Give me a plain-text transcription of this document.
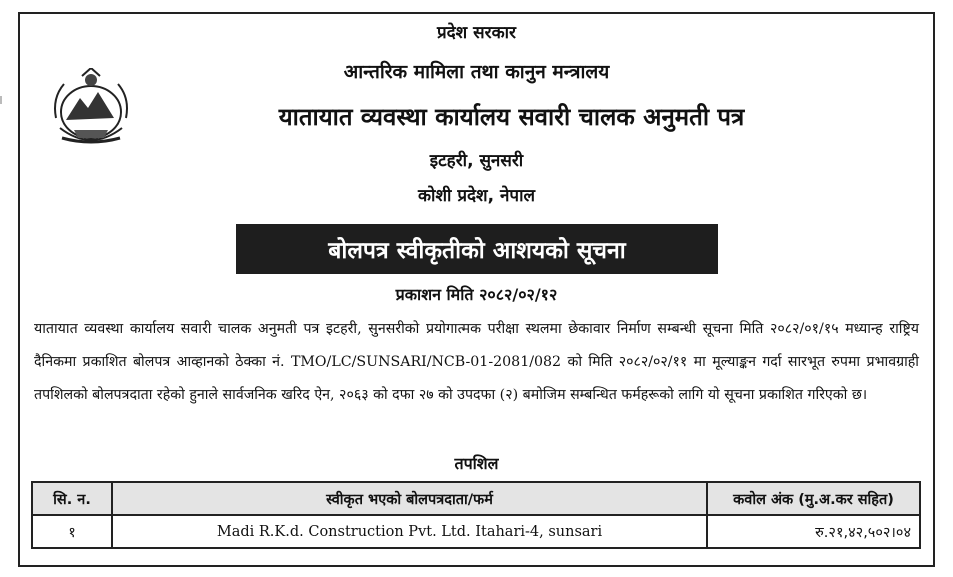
प्रदेश सरकार
आन्तरिक मामिला तथा कानुन मन्त्रालय
यातायात व्यवस्था कार्यालय सवारी चालक अनुमती पत्र
इटहरी, सुनसरी
कोशी प्रदेश, नेपाल
बोलपत्र स्वीकृतीको आशयको सूचना
प्रकाशन मिति २०८२/०२/१२
यातायात व्यवस्था कार्यालय सवारी चालक अनुमती पत्र इटहरी, सुनसरीको प्रयोगात्मक परीक्षा स्थलमा छेकावार निर्माण सम्बन्धी सूचना मिति २०८२/०१/१५ मध्यान्ह राष्ट्रिय दैनिकमा प्रकाशित बोलपत्र आव्हानको ठेक्का नं. TMO/LC/SUNSARI/NCB-01-2081/082 को मिति २०८२/०२/११ मा मूल्याङ्कन गर्दा सारभूत रुपमा प्रभावग्राही तपशिलको बोलपत्रदाता रहेको हुनाले सार्वजनिक खरिद ऐन, २०६३ को दफा २७ को उपदफा (२) बमोजिम सम्बन्धित फर्महरूको लागि यो सूचना प्रकाशित गरिएको छ।
तपशिल
सि. न.	स्वीकृत भएको बोलपत्रदाता/फर्म	कवोल अंक (मु.अ.कर सहित)
१	Madi R.K.d. Construction Pvt. Ltd. Itahari-4, sunsari	रु.२१,४२,५०२।०४
